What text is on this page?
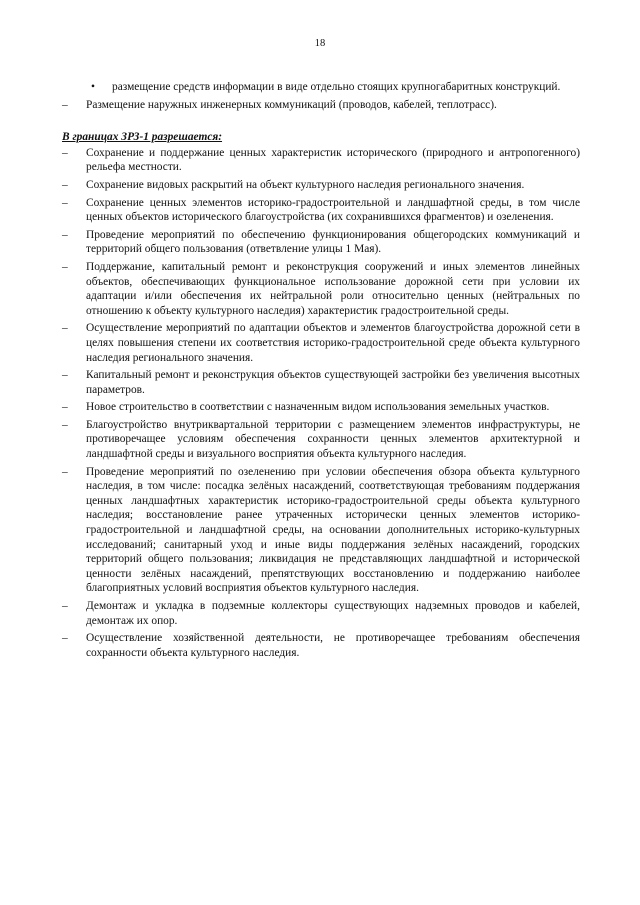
18
• размещение средств информации в виде отдельно стоящих крупногабаритных конструкций.
– Размещение наружных инженерных коммуникаций (проводов, кабелей, теплотрасс).
В границах ЗРЗ-1 разрешается:
– Сохранение и поддержание ценных характеристик исторического (природного и антропогенного) рельефа местности.
– Сохранение видовых раскрытий на объект культурного наследия регионального значения.
– Сохранение ценных элементов историко-градостроительной и ландшафтной среды, в том числе ценных объектов исторического благоустройства (их сохранившихся фрагментов) и озеленения.
– Проведение мероприятий по обеспечению функционирования общегородских коммуникаций и территорий общего пользования (ответвление улицы 1 Мая).
– Поддержание, капитальный ремонт и реконструкция сооружений и иных элементов линейных объектов, обеспечивающих функциональное использование дорожной сети при условии их адаптации и/или обеспечения их нейтральной роли относительно ценных (нейтральных по отношению к объекту культурного наследия) характеристик градостроительной среды.
– Осуществление мероприятий по адаптации объектов и элементов благоустройства дорожной сети в целях повышения степени их соответствия историко-градостроительной среде объекта культурного наследия регионального значения.
– Капитальный ремонт и реконструкция объектов существующей застройки без увеличения высотных параметров.
– Новое строительство в соответствии с назначенным видом использования земельных участков.
– Благоустройство внутриквартальной территории с размещением элементов инфраструктуры, не противоречащее условиям обеспечения сохранности ценных элементов архитектурной и ландшафтной среды и визуального восприятия объекта культурного наследия.
– Проведение мероприятий по озеленению при условии обеспечения обзора объекта культурного наследия, в том числе: посадка зелёных насаждений, соответствующая требованиям поддержания ценных ландшафтных характеристик историко-градостроительной среды объекта культурного наследия; восстановление ранее утраченных исторически ценных элементов историко-градостроительной и ландшафтной среды, на основании дополнительных историко-культурных исследований; санитарный уход и иные виды поддержания зелёных насаждений, городских территорий общего пользования; ликвидация не представляющих ландшафтной и исторической ценности зелёных насаждений, препятствующих восстановлению и поддержанию наиболее благоприятных условий восприятия объектов культурного наследия.
– Демонтаж и укладка в подземные коллекторы существующих надземных проводов и кабелей, демонтаж их опор.
– Осуществление хозяйственной деятельности, не противоречащее требованиям обеспечения сохранности объекта культурного наследия.
